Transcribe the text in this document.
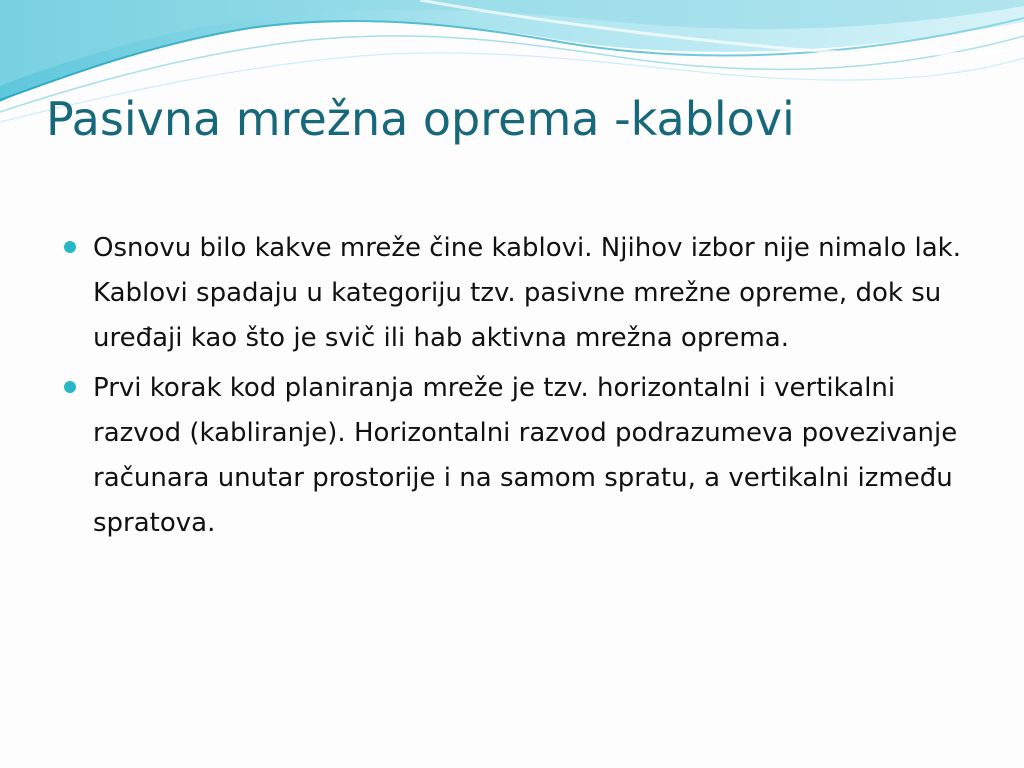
Pasivna mrežna oprema -kablovi
Osnovu bilo kakve mreže čine kablovi. Njihov izbor nije nimalo lak. Kablovi spadaju u kategoriju tzv. pasivne mrežne opreme, dok su uređaji kao što je svič ili hab aktivna mrežna oprema.
Prvi korak kod planiranja mreže je tzv. horizontalni i vertikalni razvod (kabliranje). Horizontalni razvod podrazumeva povezivanje računara unutar prostorije i na samom spratu, a vertikalni između spratova.
